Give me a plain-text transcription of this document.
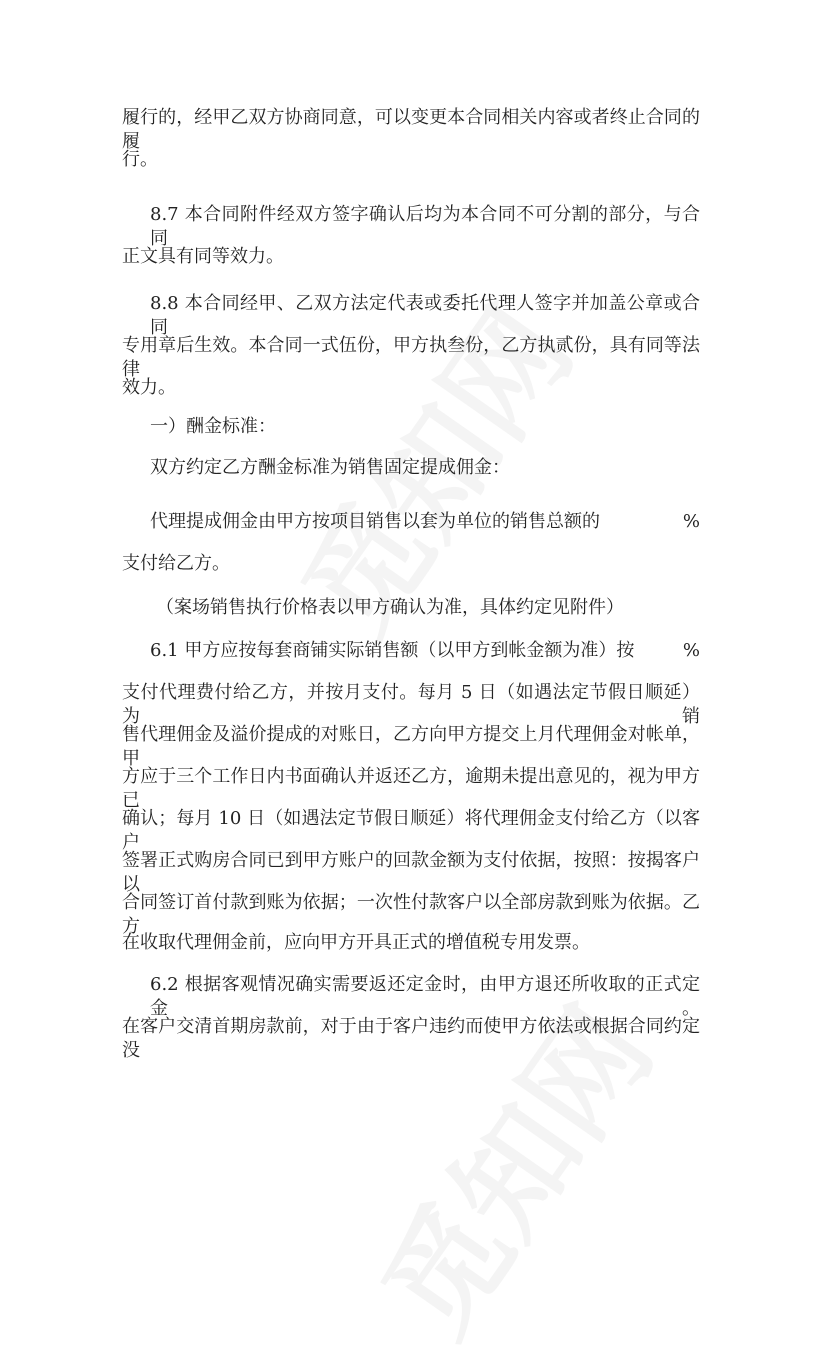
履行的，经甲乙双方协商同意，可以变更本合同相关内容或者终止合同的履
行。
8.7 本合同附件经双方签字确认后均为本合同不可分割的部分，与合同
正文具有同等效力。
8.8 本合同经甲、乙双方法定代表或委托代理人签字并加盖公章或合同
专用章后生效。本合同一式伍份，甲方执叁份，乙方执贰份，具有同等法律
效力。
一）酬金标准：
双方约定乙方酬金标准为销售固定提成佣金：
代理提成佣金由甲方按项目销售以套为单位的销售总额的	%
支付给乙方。
（案场销售执行价格表以甲方确认为准，具体约定见附件）
6.1 甲方应按每套商铺实际销售额（以甲方到帐金额为准）按	%
支付代理费付给乙方，并按月支付。每月 5 日（如遇法定节假日顺延）为销
售代理佣金及溢价提成的对账日，乙方向甲方提交上月代理佣金对帐单，甲
方应于三个工作日内书面确认并返还乙方，逾期未提出意见的，视为甲方已
确认；每月 10 日（如遇法定节假日顺延）将代理佣金支付给乙方（以客户
签署正式购房合同已到甲方账户的回款金额为支付依据，按照：按揭客户以
合同签订首付款到账为依据；一次性付款客户以全部房款到账为依据。乙方
在收取代理佣金前，应向甲方开具正式的增值税专用发票。
6.2 根据客观情况确实需要返还定金时，由甲方退还所收取的正式定金。
在客户交清首期房款前，对于由于客户违约而使甲方依法或根据合同约定没
